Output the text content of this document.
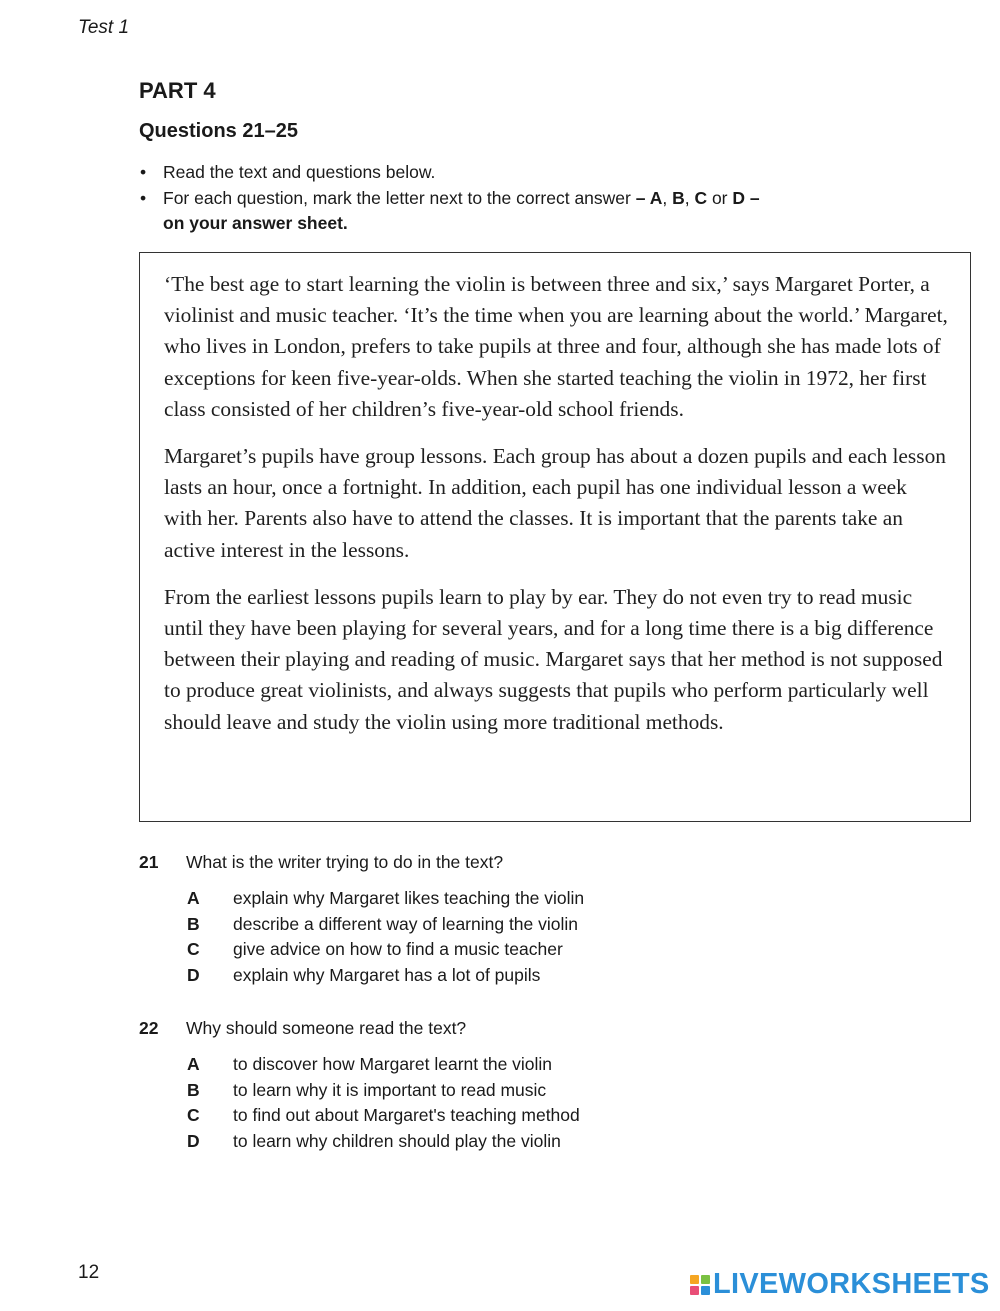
Test 1
PART 4
Questions 21–25
• Read the text and questions below.
• For each question, mark the letter next to the correct answer – A, B, C or D –
on your answer sheet.

‘The best age to start learning the violin is between three and six,’ says Margaret Porter, a violinist and music teacher. ‘It’s the time when you are learning about the world.’ Margaret, who lives in London, prefers to take pupils at three and four, although she has made lots of exceptions for keen five-year-olds. When she started teaching the violin in 1972, her first class consisted of her children’s five-year-old school friends.

Margaret’s pupils have group lessons. Each group has about a dozen pupils and each lesson lasts an hour, once a fortnight. In addition, each pupil has one individual lesson a week with her. Parents also have to attend the classes. It is important that the parents take an active interest in the lessons.

From the earliest lessons pupils learn to play by ear. They do not even try to read music until they have been playing for several years, and for a long time there is a big difference between their playing and reading of music. Margaret says that her method is not supposed to produce great violinists, and always suggests that pupils who perform particularly well should leave and study the violin using more traditional methods.

21	What is the writer trying to do in the text?
A	explain why Margaret likes teaching the violin
B	describe a different way of learning the violin
C	give advice on how to find a music teacher
D	explain why Margaret has a lot of pupils
22	Why should someone read the text?
A	to discover how Margaret learnt the violin
B	to learn why it is important to read music
C	to find out about Margaret's teaching method
D	to learn why children should play the violin
12	LIVEWORKSHEETS
